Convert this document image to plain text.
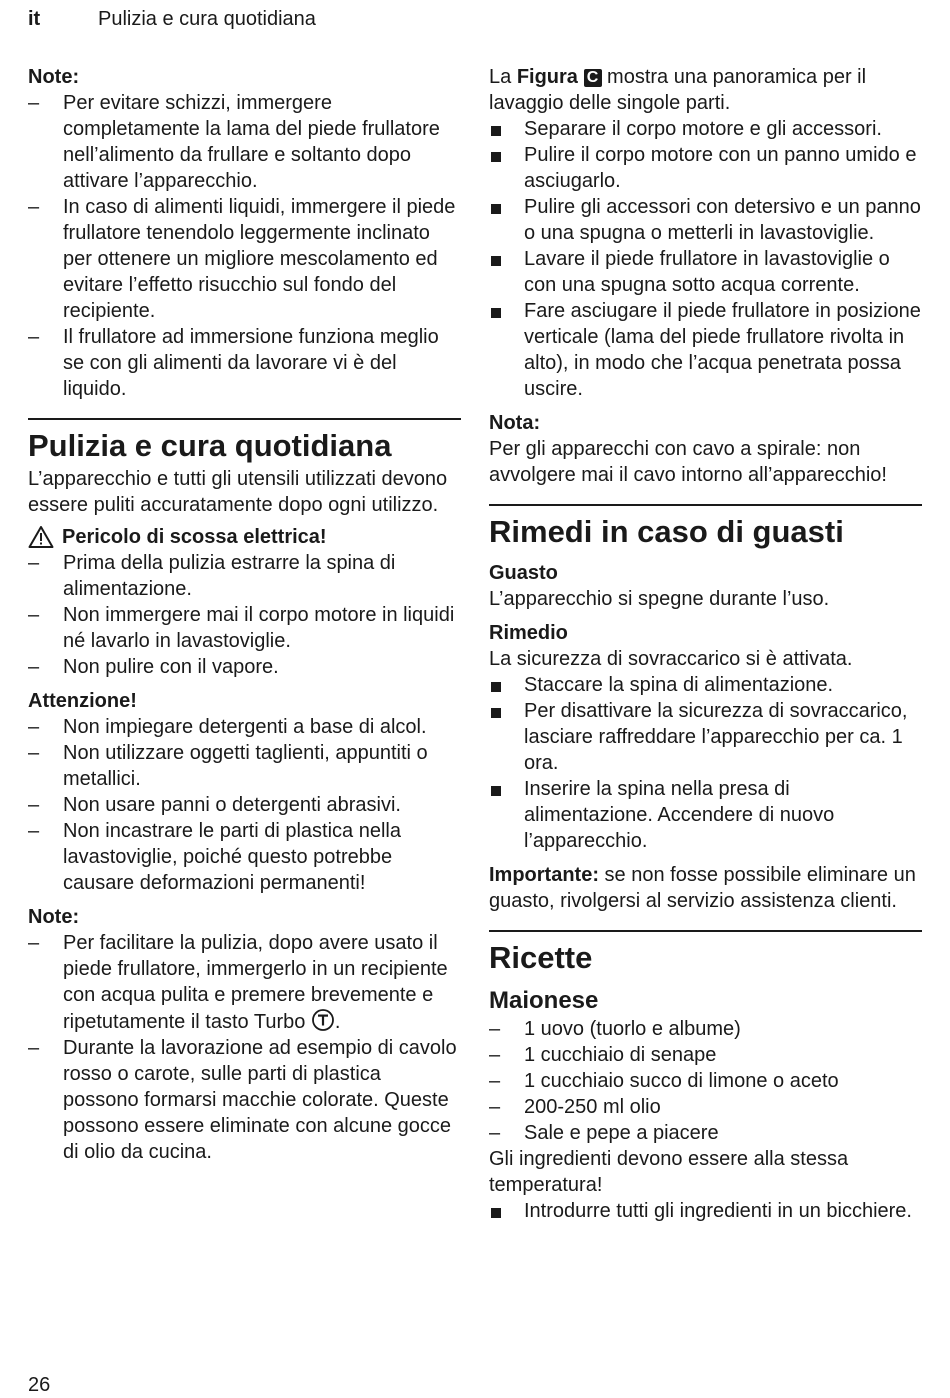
it	Pulizia e cura quotidiana

Note:

– Per evitare schizzi, immergere completamente la lama del piede frullatore nell’alimento da frullare e soltanto dopo attivare l’apparecchio.
– In caso di alimenti liquidi, immergere il piede frullatore tenendolo leggermente inclinato per ottenere un migliore mescolamento ed evitare l’effetto risucchio sul fondo del recipiente.
– Il frullatore ad immersione funziona meglio se con gli alimenti da lavorare vi è del liquido.
Pulizia e cura quotidiana

L’apparecchio e tutti gli utensili utilizzati devono essere puliti accuratamente dopo ogni utilizzo.

Pericolo di scossa elettrica!
– Prima della pulizia estrarre la spina di alimentazione.
– Non immergere mai il corpo motore in liquidi né lavarlo in lavastoviglie.
– Non pulire con il vapore.

Attenzione!

– Non impiegare detergenti a base di alcol.
– Non utilizzare oggetti taglienti, appuntiti o metallici.
– Non usare panni o detergenti abrasivi.
– Non incastrare le parti di plastica nella lavastoviglie, poiché questo potrebbe causare deformazioni permanenti!

Note:

– Per facilitare la pulizia, dopo avere usato il piede frullatore, immergerlo in un recipiente con acqua pulita e premere brevemente e ripetutamente il tasto Turbo .
– Durante la lavorazione ad esempio di cavolo rosso o carote, sulle parti di plastica possono formarsi macchie colorate. Queste possono essere eliminate con alcune gocce di olio da cucina.

La Figura C mostra una panoramica per il lavaggio delle singole parti.

Separare il corpo motore e gli accessori.
Pulire il corpo motore con un panno umido e asciugarlo.
Pulire gli accessori con detersivo e un panno o una spugna o metterli in lavastoviglie.
Lavare il piede frullatore in lavastoviglie o con una spugna sotto acqua corrente.
Fare asciugare il piede frullatore in posizione verticale (lama del piede frullatore rivolta in alto), in modo che l’acqua penetrata possa uscire.

Nota:

Per gli apparecchi con cavo a spirale: non avvolgere mai il cavo intorno all’apparecchio!

Rimedi in caso di guasti

Guasto

L’apparecchio si spegne durante l’uso.

Rimedio

La sicurezza di sovraccarico si è attivata.

Staccare la spina di alimentazione.
Per disattivare la sicurezza di sovraccarico, lasciare raffreddare l’apparecchio per ca. 1 ora.
Inserire la spina nella presa di alimentazione. Accendere di nuovo l’apparecchio.

Importante: se non fosse possibile eliminare un guasto, rivolgersi al servizio assistenza clienti.

Ricette

Maionese

– 1 uovo (tuorlo e albume)
– 1 cucchiaio di senape
– 1 cucchiaio succo di limone o aceto
– 200-250 ml olio
– Sale e pepe a piacere

Gli ingredienti devono essere alla stessa temperatura!

Introdurre tutti gli ingredienti in un bicchiere.
26
